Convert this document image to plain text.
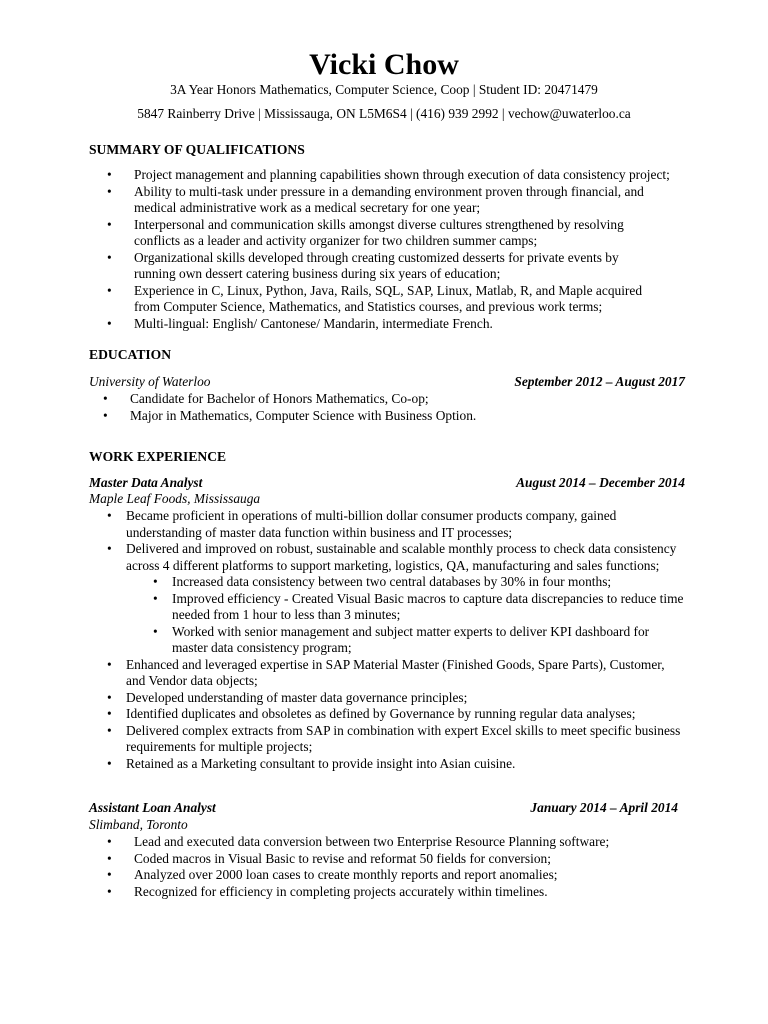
Vicki Chow
3A Year Honors Mathematics, Computer Science, Coop | Student ID: 20471479
5847 Rainberry Drive | Mississauga, ON L5M6S4 | (416) 939 2992 | vechow@uwaterloo.ca
SUMMARY OF QUALIFICATIONS
• Project management and planning capabilities shown through execution of data consistency project;
• Ability to multi-task under pressure in a demanding environment proven through financial, and
medical administrative work as a medical secretary for one year;
• Interpersonal and communication skills amongst diverse cultures strengthened by resolving
conflicts as a leader and activity organizer for two children summer camps;
• Organizational skills developed through creating customized desserts for private events by
running own dessert catering business during six years of education;
• Experience in C, Linux, Python, Java, Rails, SQL, SAP, Linux, Matlab, R, and Maple acquired
from Computer Science, Mathematics, and Statistics courses, and previous work terms;
• Multi-lingual: English/ Cantonese/ Mandarin, intermediate French.
EDUCATION
University of Waterloo	September 2012 – August 2017
• Candidate for Bachelor of Honors Mathematics, Co-op;
• Major in Mathematics, Computer Science with Business Option.
WORK EXPERIENCE
Master Data Analyst	August 2014 – December 2014
Maple Leaf Foods, Mississauga
• Became proficient in operations of multi-billion dollar consumer products company, gained
understanding of master data function within business and IT processes;
• Delivered and improved on robust, sustainable and scalable monthly process to check data consistency
across 4 different platforms to support marketing, logistics, QA, manufacturing and sales functions;
• Increased data consistency between two central databases by 30% in four months;
• Improved efficiency - Created Visual Basic macros to capture data discrepancies to reduce time
needed from 1 hour to less than 3 minutes;
• Worked with senior management and subject matter experts to deliver KPI dashboard for
master data consistency program;
• Enhanced and leveraged expertise in SAP Material Master (Finished Goods, Spare Parts), Customer,
and Vendor data objects;
• Developed understanding of master data governance principles;
• Identified duplicates and obsoletes as defined by Governance by running regular data analyses;
• Delivered complex extracts from SAP in combination with expert Excel skills to meet specific business
requirements for multiple projects;
• Retained as a Marketing consultant to provide insight into Asian cuisine.
Assistant Loan Analyst	January 2014 – April 2014
Slimband, Toronto
• Lead and executed data conversion between two Enterprise Resource Planning software;
• Coded macros in Visual Basic to revise and reformat 50 fields for conversion;
• Analyzed over 2000 loan cases to create monthly reports and report anomalies;
• Recognized for efficiency in completing projects accurately within timelines.
